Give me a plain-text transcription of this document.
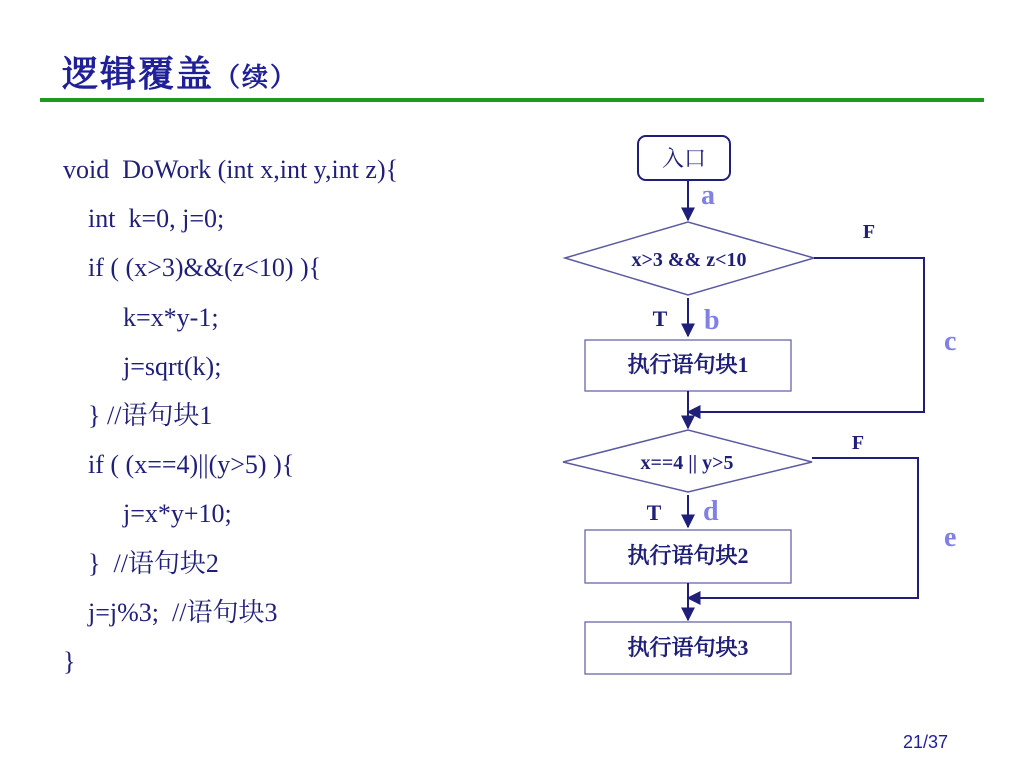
逻辑覆盖（续）
void  DoWork (int x,int y,int z){
int  k=0, j=0;
if ( (x>3)&&(z<10) ){
k=x*y-1;
j=sqrt(k);
} //语句块1
if ( (x==4)||(y>5) ){
j=x*y+10;
}  //语句块2
j=j%3;  //语句块3
}
入口
x>3 && z<10
执行语句块1
x==4 || y>5
执行语句块2
执行语句块3
T
F
T
F
a
b
c
d
e
21/37
